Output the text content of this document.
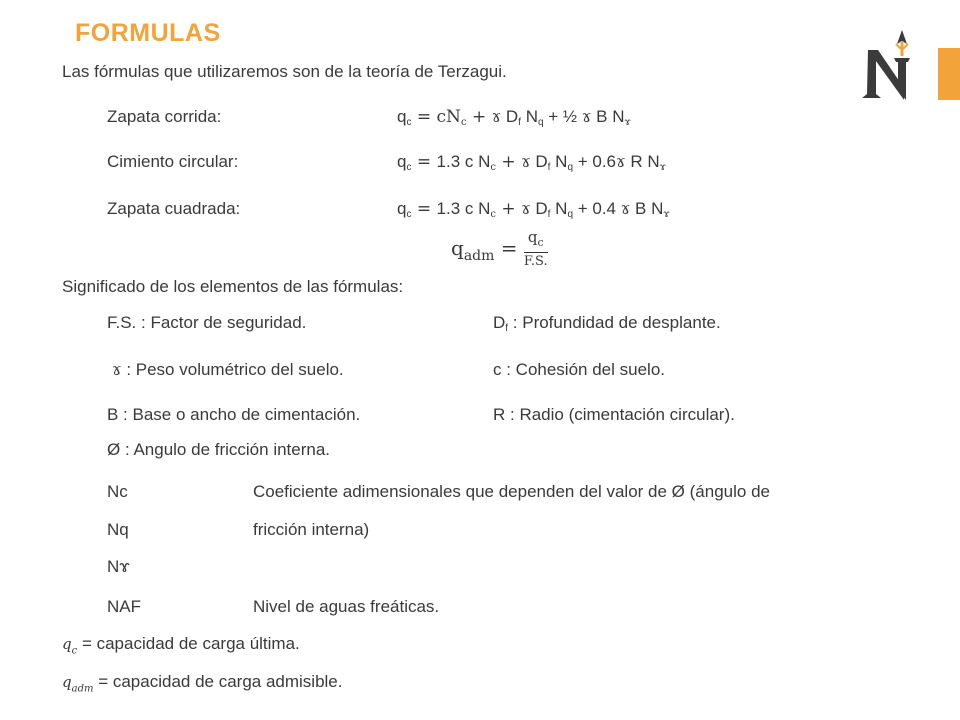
FORMULAS
Las fórmulas que utilizaremos son de la teoría de Terzagui.
Zapata corrida:	$q_c = cN_c$ + ɤ $D_f$ $N_q$ + ½ ɤ B $N_ɤ$
Cimiento circular:	$q_c = 1.3$ c $N_c$ + ɤ $D_f$ $N_q$ + 0.6ɤ R $N_ɤ$
Zapata cuadrada:	$q_c = 1.3$ c $N_c$ + ɤ $D_f$ $N_q + 0.4$ ɤ B $N_ɤ$
$q_{adm} = \frac{q_c}{F.S.}$
Significado de los elementos de las fórmulas:
F.S. : Factor de seguridad.	$D_f$ : Profundidad de desplante.
ɤ : Peso volumétrico del suelo.	c : Cohesión del suelo.
B : Base o ancho de cimentación.	R : Radio (cimentación circular).
Ø : Angulo de fricción interna.
Nc	Coeficiente adimensionales que dependen del valor de Ø (ángulo de
Nq	fricción interna)
Nɤ
NAF	Nivel de aguas freáticas.
$q_c$ = capacidad de carga última.
$q_{adm}$ = capacidad de carga admisible.
